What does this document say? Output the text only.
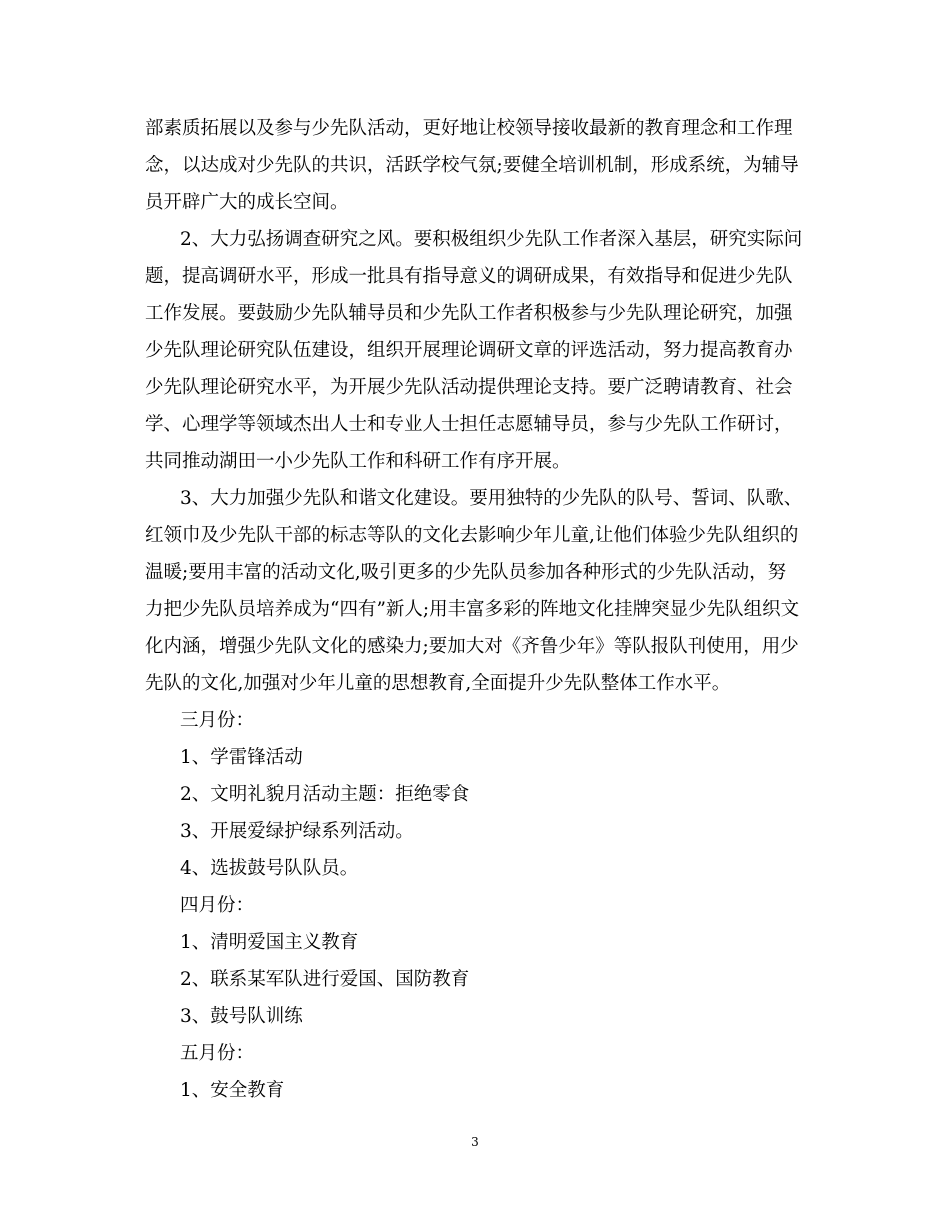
部素质拓展以及参与少先队活动，更好地让校领导接收最新的教育理念和工作理
念，以达成对少先队的共识，活跃学校气氛;要健全培训机制，形成系统，为辅导
员开辟广大的成长空间。
2、大力弘扬调查研究之风。要积极组织少先队工作者深入基层，研究实际问
题，提高调研水平，形成一批具有指导意义的调研成果，有效指导和促进少先队
工作发展。要鼓励少先队辅导员和少先队工作者积极参与少先队理论研究，加强
少先队理论研究队伍建设，组织开展理论调研文章的评选活动，努力提高教育办
少先队理论研究水平，为开展少先队活动提供理论支持。要广泛聘请教育、社会
学、心理学等领域杰出人士和专业人士担任志愿辅导员，参与少先队工作研讨，
共同推动湖田一小少先队工作和科研工作有序开展。
3、大力加强少先队和谐文化建设。要用独特的少先队的队号、誓词、队歌、
红领巾及少先队干部的标志等队的文化去影响少年儿童,让他们体验少先队组织的
温暖;要用丰富的活动文化,吸引更多的少先队员参加各种形式的少先队活动，努
力把少先队员培养成为“四有”新人;用丰富多彩的阵地文化挂牌突显少先队组织文
化内涵，增强少先队文化的感染力;要加大对《齐鲁少年》等队报队刊使用，用少
先队的文化,加强对少年儿童的思想教育,全面提升少先队整体工作水平。
三月份：
1、学雷锋活动
2、文明礼貌月活动主题：拒绝零食
3、开展爱绿护绿系列活动。
4、选拔鼓号队队员。
四月份：
1、清明爱国主义教育
2、联系某军队进行爱国、国防教育
3、鼓号队训练
五月份：
1、安全教育
3
